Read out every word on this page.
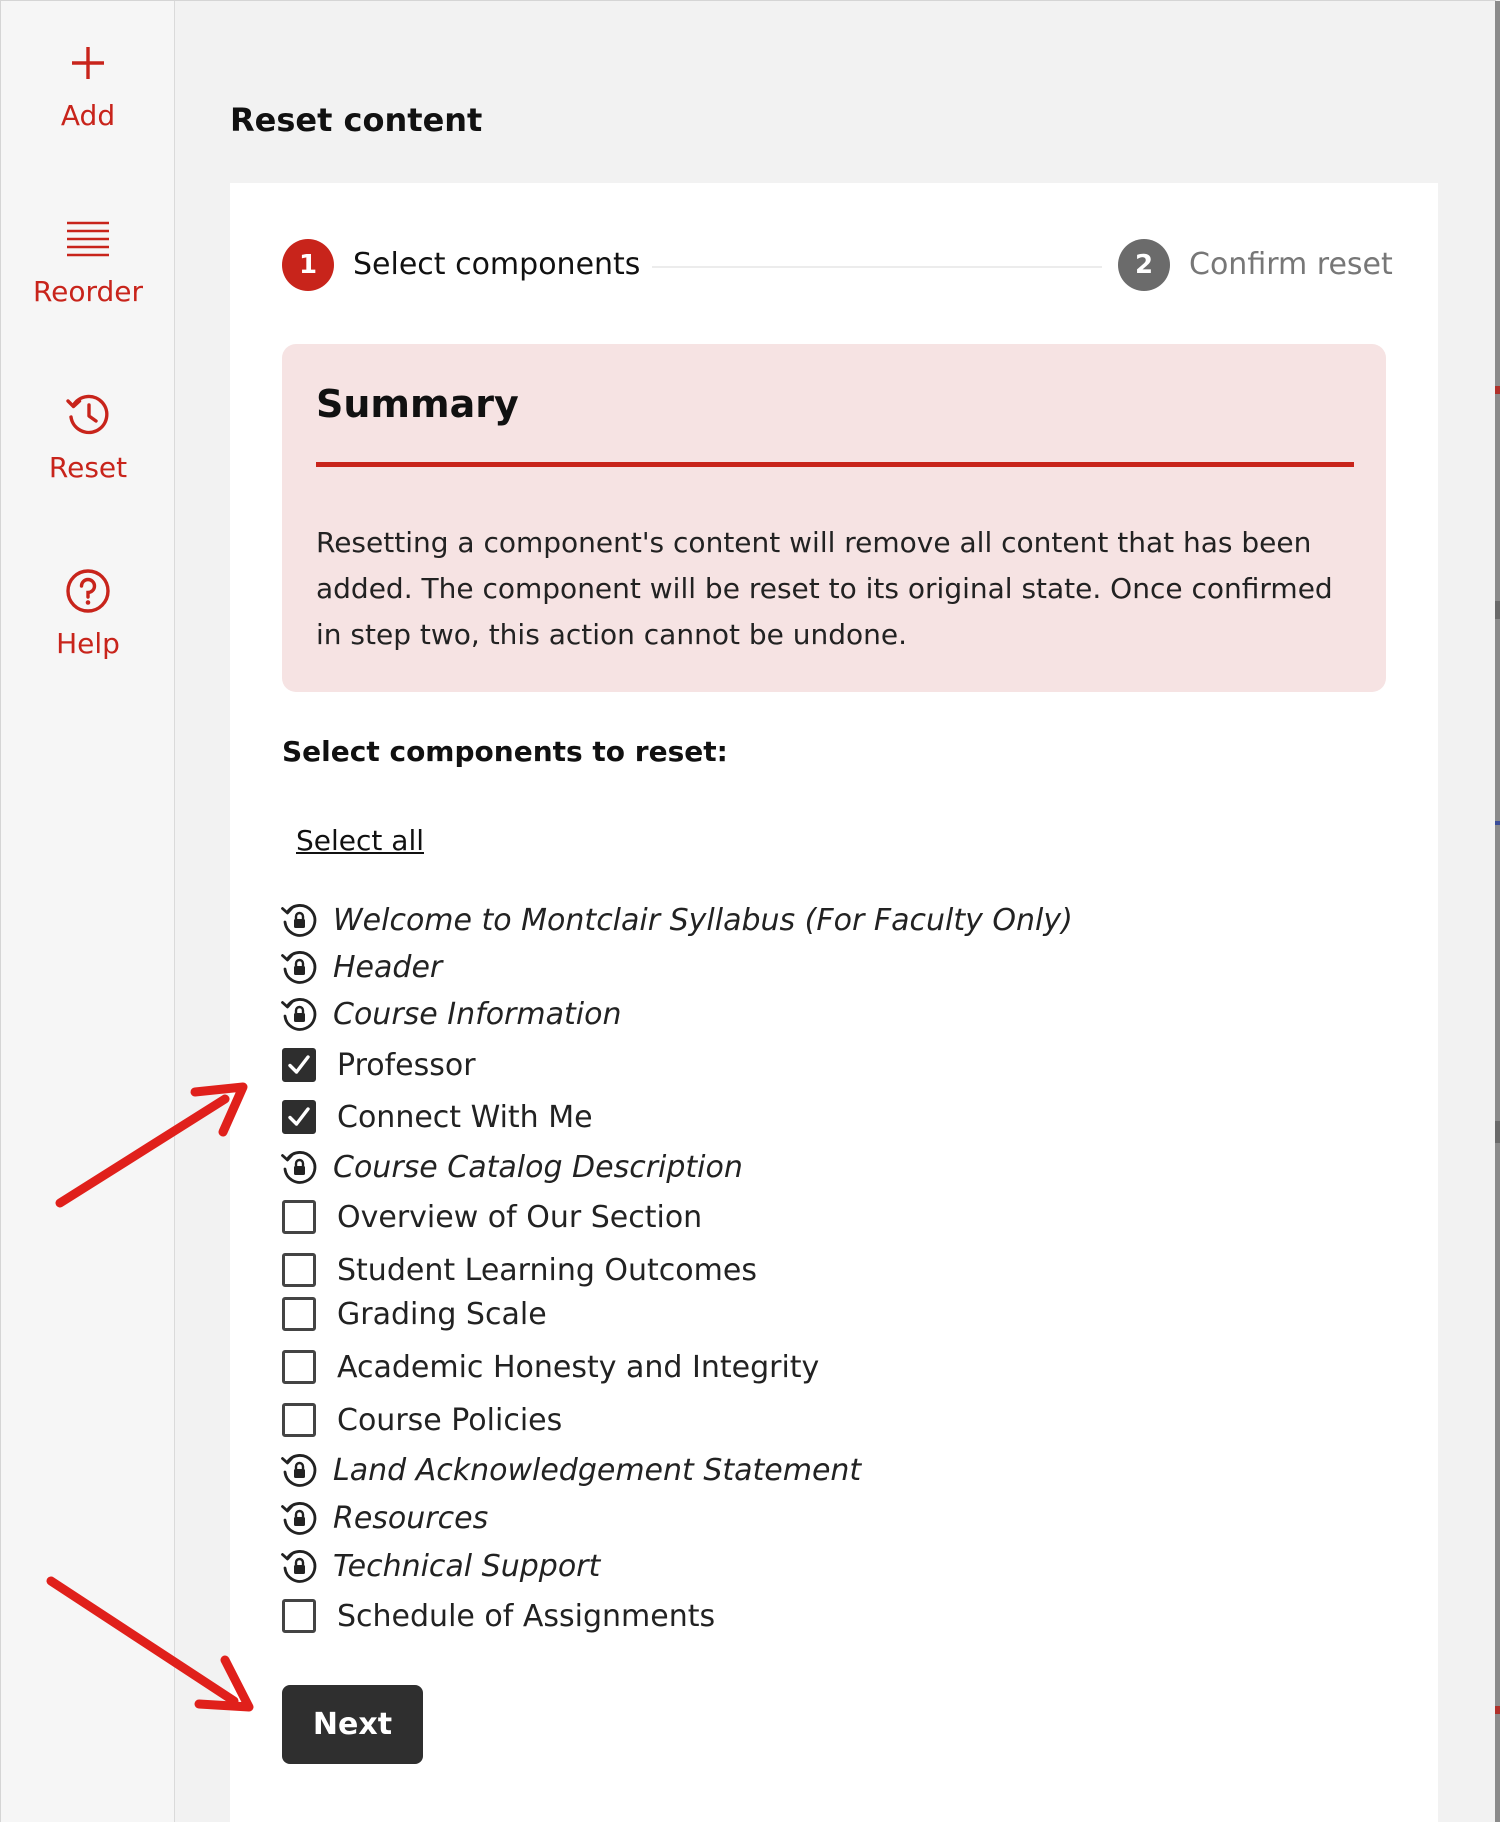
Add
Reorder
Reset
Help
Reset content
1	Select components	2	Confirm reset
Summary

Resetting a component's content will remove all content that has been added. The component will be reset to its original state. Once confirmed in step two, this action cannot be undone.

Select components to reset:
Select all
Welcome to Montclair Syllabus (For Faculty Only)
Header
Course Information
Professor
Connect With Me
Course Catalog Description
Overview of Our Section
Student Learning Outcomes
Grading Scale
Academic Honesty and Integrity
Course Policies
Land Acknowledgement Statement
Resources
Technical Support
Schedule of Assignments
Next
